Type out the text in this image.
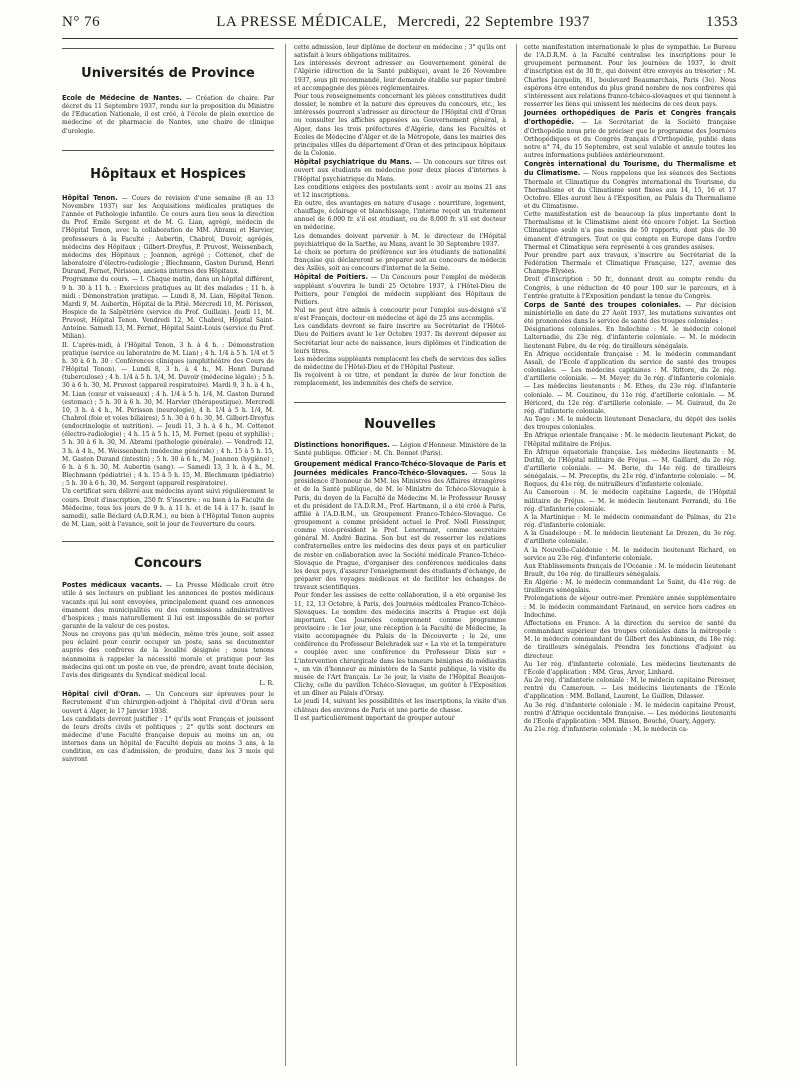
N° 76	LA PRESSE MÉDICALE, Mercredi, 22 Septembre 1937	1353
Universités de Province

Ecole de Médecine de Nantes. — Création de chaire. Par décret du 11 Septembre 1937, rendu sur la proposition du Ministre de l'Education Nationale, il est créé, à l'école de plein exercice de médecine et de pharmacie de Nantes, une chaire de clinique d'urologie.

Hôpitaux et Hospices

Hôpital Tenon. — Cours de revision d'une semaine (8 au 13 Novembre 1937) sur les Acquisitions médicales pratiques de l'année et Pathologie infantile. Ce cours aura lieu sous la direction du Prof. Emile Sergent et de M. G. Lian, agrégé, médecin de l'Hôpital Tenon, avec la collaboration de MM. Abrami et Harvier, professeurs à la Faculté ; Aubertin, Chabrol, Duvoir, agrégés, médecins des Hôpitaux ; Gilbert-Dreyfus, P. Pruvost, Weissenbach, médecins des Hôpitaux ; Joannon, agrégé ; Cottenot, chef de laboratoire d'électro-radiologie ; Blechmann, Gaston Durand, Henri Durand, Fernet, Périsson, anciens internes des Hôpitaux.

Programme du cours. — I. Chaque matin, dans un hôpital différent, 9 h. 30 à 11 h. : Exercices pratiques au lit des malades ; 11 h. à midi : Démonstration pratique. — Lundi 8, M. Lian, Hôpital Tenon. Mardi 9, M. Aubertin, Hôpital de la Pitié. Mercredi 10, M. Périsson, Hospice de la Salpêtrière (service du Prof. Guillain). Jeudi 11, M. Pruvost, Hôpital Tenon. Vendredi 12, M. Chabrol, Hôpital Saint-Antoine. Samedi 13, M. Fernet, Hôpital Saint-Louis (service du Prof. Milian).

II. L'après-midi, à l'Hôpital Tenon, 3 h. à 4 h. : Démonstration pratique (service ou laboratoire de M. Lian) ; 4 h. 1/4 à 5 h. 1/4 et 5 h. 30 à 6 h. 30 : Conférences cliniques (amphithéâtre des Cours de l'Hôpital Tenon). — Lundi 8, 3 h. à 4 h., M. Henri Durand (tuberculose) ; 4 h. 1/4 à 5 h. 1/4, M. Duvoir (médecine légale) ; 5 h. 30 à 6 h. 30, M. Pruvost (appareil respiratoire). Mardi 9, 3 h. à 4 h., M. Lian (cœur et vaisseaux) ; 4 h. 1/4 à 5 h. 1/4, M. Gaston Durand (estomac) ; 5 h. 30 à 6 h. 30, M. Harvier (thérapeutique). Mercredi 10, 3 h. à 4 h., M. Périsson (neurologie), 4 h. 1/4 à 5 h. 1/4, M. Chabrol (foie et voies biliaires), 5 h. 30 à 6 h. 30, M. Gilbert-Dreyfus (endocrinologie et nutrition). — Jeudi 11, 3 h. à 4 h., M. Cottenot (électro-radiologie) ; 4 h. 15 à 5 h. 15, M. Fernet (peau et syphilis) ; 5 h. 30 à 6 h. 30, M. Abrami (pathologie générale). — Vendredi 12, 3 h. à 4 h., M. Weissenbach (médecine générale) ; 4 h. 15 à 5 h. 15, M. Gaston Durand (intestin) ; 5 h. 30 à 6 h., M. Joannon (hygiène) ; 6 h. à 6 h. 30, M. Aubertin (sang). — Samedi 13, 3 h. à 4 h., M. Blechmann (pédiatrie) ; 4 h. 15 à 5 h. 15, M. Blechmann (pédiatrie) ; 5 h. 30 à 6 h. 30, M. Sergent (appareil respiratoire).

Un certificat sera délivré aux médecins ayant suivi régulièrement le cours. Droit d'inscription, 250 fr. S'inscrire : ou bien à la Faculté de Médecine, tous les jours de 9 h. à 11 h. et de 14 à 17 h. (sauf le samedi), salle Béclard (A.D.R.M.), ou bien à l'Hôpital Tenon auprès de M. Lian, soit à l'avance, soit le jour de l'ouverture du cours.

Concours

Postes médicaux vacants. — La Presse Médicale croit être utile à ses lecteurs en publiant les annonces de postes médicaux vacants qui lui sont envoyées, principalement quand ces annonces émanent des municipalités ou des commissions administratives d'hospices ; mais naturellement il lui est impossible de se porter garante de la valeur de ces postes.

Nous ne croyons pas qu'un médecin, même très jeune, soit assez peu éclairé pour courir occuper un poste, sans se documenter auprès des confrères de la localité désignée ; nous tenons néanmoins à rappeler la nécessité morale et pratique pour les médecins qui ont un poste en vue, de prendre, avant toute décision, l'avis des dirigeants du Syndicat médical local.

L. R.

Hôpital civil d'Oran. — Un Concours sur épreuves pour le Recrutement d'un chirurgien-adjoint à l'hôpital civil d'Oran sera ouvert à Alger, le 17 Janvier 1938.

Les candidats devront justifier : 1° qu'ils sont Français et jouissent de leurs droits civils et politiques ; 2° qu'ils sont docteurs en médecine d'une Faculté française depuis au moins un an, ou internes dans un hôpital de Faculté depuis au moins 3 ans, à la condition, en cas d'admission, de produire, dans les 3 mois qui suivront

cette admission, leur diplôme de docteur en médecine ; 3° qu'ils ont satisfait à leurs obligations militaires.

Les intéressés devront adresser au Gouvernement général de l'Algérie (direction de la Santé publique), avant le 26 Novembre 1937, sous pli recommandé, leur demande établie sur papier timbré et accompagnée des pièces réglementaires.

Pour tous renseignements concernant les pièces constitutives dudit dossier, le nombre et la nature des épreuves du concours, etc., les intéressés pourront s'adresser au directeur de l'Hôpital civil d'Oran ou consulter les affiches apposées au Gouvernement général, à Alger, dans les trois préfectures d'Algérie, dans les Facultés et Ecoles de Médecine d'Alger et de la Métropole, dans les mairies des principales villes du département d'Oran et des principaux hôpitaux de la Colonie.

Hôpital psychiatrique du Mans. — Un concours sur titres est ouvert aux étudiants en médecine pour deux places d'internes à l'Hôpital psychiatrique du Mans.

Les conditions exigées des postulants sont : avoir au moins 21 ans et 12 inscriptions.

En outre, des avantages en nature d'usage : nourriture, logement, chauffage, éclairage et blanchissage, l'interne reçoit un traitement annuel de 6.000 fr. s'il est étudiant, ou de 8.000 fr. s'il est docteur en médecine.

Les demandes doivent parvenir à M. le directeur de l'Hôpital psychiatrique de la Sarthe, au Mans, avant le 30 Septembre 1937.

Le choix se portera de préférence sur les étudiants de nationalité française qui déclareront se préparer soit au concours de médecin des Asiles, soit au concours d'internat de la Seine.

Hôpital de Poitiers. — Un Concours pour l'emploi de médecin suppléant s'ouvrira le lundi 25 Octobre 1937, à l'Hôtel-Dieu de Poitiers, pour l'emploi de médecin suppléant des Hôpitaux de Poitiers.

Nul ne peut être admis à concourir pour l'emploi sus-désigné s'il n'est Français, docteur en médecine et âgé de 25 ans accomplis.

Les candidats devront se faire inscrire au Secrétariat de l'Hôtel-Dieu de Poitiers avant le 1er Octobre 1937. Ils devront déposer au Secrétariat leur acte de naissance, leurs diplômes et l'indication de leurs titres.

Les médecins suppléants remplacent les chefs de services des salles de médecine de l'Hôtel-Dieu et de l'Hôpital Pasteur.

Ils reçoivent à ce titre, et pendant la durée de leur fonction de remplacement, les indemnités des chefs de service.

Nouvelles

Distinctions honorifiques. — Légion d'Honneur. Ministère de la Santé publique. Officier : M. Ch. Bonnet (Paris).

Groupement médical Franco-Tchéco-Slovaque de Paris et Journées médicales Franco-Tchéco-Slovaques. — Sous la présidence d'honneur de MM. les Ministres des Affaires étrangères et de la Santé publique, de M. le Ministre de Tchéco-Slovaquie à Paris, du doyen de la Faculté de Médecine M. le Professeur Roussy et du président de l'A.D.R.M., Prof. Hartmann, il a été créé à Paris, affilié à l'A.D.R.M., un Groupement Franco-Tchéco-Slovaque. Ce groupement a comme président actuel le Prof. Noël Fiessinger, comme vice-président le Prof. Lenormant, comme secrétaire général M. André Bazina. Son but est de resserrer les relations confraternelles entre les médecins des deux pays et en particulier de rester en collaboration avec la Société médicale Franco-Tchéco-Slovaque de Prague, d'organiser des conférences médicales dans les deux pays, d'assurer l'enseignement des étudiants d'échange, de préparer des voyages médicaux et de faciliter les échanges de travaux scientifiques.

Pour fonder les assises de cette collaboration, il a été organisé les 11, 12, 13 Octobre, à Paris, des Journées médicales Franco-Tchéco-Slovaques. Le nombre des médecins inscrits à Prague est déjà important. Ces Journées comprennent comme programme provisoire : le 1er jour, une réception à la Faculté de Médecine, la visite accompagnée du Palais de la Découverte ; le 2e, une conférence du Professeur Belehradek sur « La vie et la température » couplée avec une conférence du Professeur Dixis sur « L'intervention chirurgicale dans les tumeurs bénignes du médiastin », un vin d'honneur au ministère de la Santé publique, la visite du musée de l'Art français. Le 3e jour, la visite de l'Hôpital Beaujon-Clichy, celle du pavillon Tchéco-Slovaque, un goûter à l'Exposition et un dîner au Palais d'Orsay.

Le jeudi 14, suivant les possibilités et les inscriptions, la visite d'un château des environs de Paris et une partie de chasse.

Il est particulièrement important de grouper autour

cette manifestation internationale le plus de sympathie. Le Bureau de l'A.D.R.M. à la Faculté centralise les inscriptions pour le groupement permanent. Pour les journées de 1937, le droit d'inscription est de 30 fr., qui doivent être envoyés au trésorier : M. Charles Jacquelin, 81, boulevard Beaumarchais, Paris (3e). Nous espérons être entendus du plus grand nombre de nos confrères qui s'intéressent aux relations franco-tchéco-slovaques et qui tiennent à resserrer les liens qui unissent les médecins de ces deux pays.

Journées orthopédiques de Paris et Congrès français d'orthopédie. — Le Secrétariat de la Société française d'Orthopédie nous prie de préciser que le programme des Journées Orthopédiques et du Congrès français d'Orthopédie, publié dans notre n° 74, du 15 Septembre, est seul valable et annule toutes les autres informations publiées antérieurement.

Congrès international du Tourisme, du Thermalisme et du Climatisme. — Nous rappelons que les séances des Sections Thermale et Climatique du Congrès international du Tourisme, du Thermalisme et du Climatisme sont fixées aux 14, 15, 16 et 17 Octobre. Elles auront lieu à l'Exposition, au Palais du Thermalisme et du Climatisme.

Cette manifestation est de beaucoup la plus importante dont le Thermalisme et le Climatisme aient été encore l'objet. La Section Climatique seule n'a pas moins de 50 rapports, dont plus de 30 émanent d'étrangers. Tout ce qui compte en Europe dans l'ordre Thermal et Climatique sera représenté à ces grandes assises.

Pour prendre part aux travaux, s'inscrire au Secrétariat de la Fédération Thermale et Climatique Française, 127, avenue des Champs-Elysées.

Droit d'inscription : 50 fr., donnant droit au compte rendu du Congrès, à une réduction de 40 pour 100 sur le parcours, et à l'entrée gratuite à l'Exposition pendant la tenue du Congrès.

Corps de Santé des troupes coloniales. — Par décision ministérielle en date du 27 Août 1937, les mutations suivantes ont été prononcées dans le service de santé des troupes coloniales :

Désignations coloniales. En Indochine : M. le médecin colonel Lalternadie, du 23e rég. d'infanterie coloniale. — M. le médecin lieutenant Fabre, du 4e rég. de tirailleurs sénégalais.

En Afrique occidentale française : M. le médecin commandant Assali, de l'Ecole d'application du service de santé des troupes coloniales. — Les médecins capitaines : M. Rittore, du 2e rég. d'artillerie coloniale. — M. Meyer, du 3e rég. d'infanterie coloniale. — Les médecins lieutenants : M. Ethes, du 23e rég. d'infanterie coloniale. — M. Couzinou, du 11e rég. d'artillerie coloniale. — M. Héricord, du 12e rég. d'artillerie coloniale. — M. Guiraud, du 2e rég. d'infanterie coloniale.

Au Togo : M. le médecin lieutenant Denaclara, du dépôt des isolés des troupes coloniales.

En Afrique orientale française : M. le médecin lieutenant Picket, de l'Hôpital militaire de Fréjus.

En Afrique équatoriale française. Les médecins lieutenants : M. Duthil, de l'Hôpital militaire de Fréjus. — M. Gaillard, du 2e rég. d'artillerie coloniale. — M. Borie, du 14e rég. de tirailleurs sénégalais. — M. Preceptis, du 21e rég. d'infanterie coloniale. — M. Roques, du 41e rég. de mitrailleurs d'infanterie coloniale.

Au Cameroun : M. le médecin capitaine Lagarde, de l'Hôpital militaire de Fréjus. — M. le médecin lieutenant Ferrandi, du 16e rég. d'infanterie coloniale.

A la Martinique : M. le médecin commandant de Palmas, du 21e rég. d'infanterie coloniale.

A la Guadeloupe : M. le médecin lieutenant Le Drezen, du 3e rég. d'artillerie coloniale.

A la Nouvelle-Calédonie : M. le médecin lieutenant Richard, en service au 23e rég. d'infanterie coloniale.

Aux Etablissements français de l'Océanie : M. le médecin lieutenant Brault, du 16e rég. de tirailleurs sénégalais.

En Algérie : M. le médecin commandant Le Saint, du 41e rég. de tirailleurs sénégalais.

Prolongations de séjour outre-mer. Première année supplémentaire : M. le médecin commandant Farinaud, en service hors cadres en Indochine.

Affectations en France. A la direction du service de santé du commandant supérieur des troupes coloniales dans la métropole : M. le médecin commandant de Gilbert des Aubineaux, du 18e rég. de tirailleurs sénégalais. Prendra les fonctions d'adjoint au directeur.

Au 1er rég. d'infanterie coloniale. Les médecins lieutenants de l'Ecole d'application : MM. Gras, Arvor, Linhard.

Au 2e rég. d'infanterie coloniale : M. le médecin capitaine Péresner, rentré du Cameroun. — Les médecins lieutenants de l'Ecole d'application : MM. Bolland, Laurent, Le Guillon, Dilasser.

Au 3e rég. d'infanterie coloniale : M. le médecin capitaine Proust, rentré d'Afrique occidentale française. — Les médecins lieutenants de l'Ecole d'application : MM. Binson, Bouché, Ouary, Aggery.

Au 21e rég. d'infanterie coloniale : M. le médecin ca-
